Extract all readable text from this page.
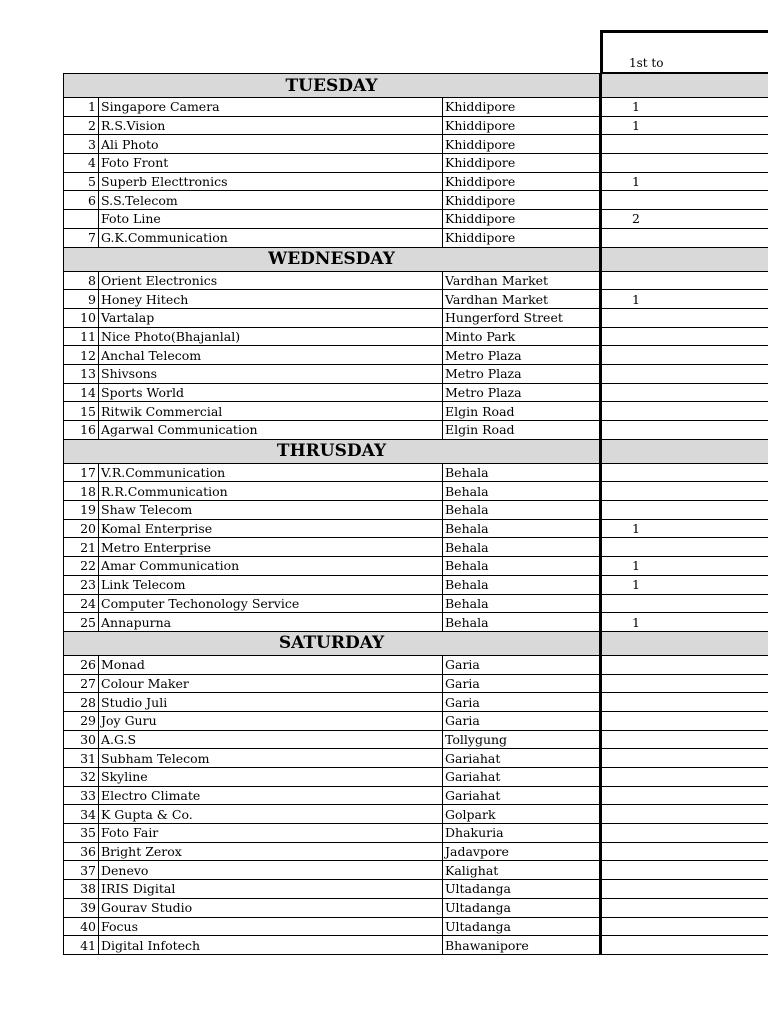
1st to
TUESDAY			
1	Singapore Camera	Khiddipore	1
2	R.S.Vision	Khiddipore	1
3	Ali Photo	Khiddipore	
4	Foto Front	Khiddipore	
5	Superb Electtronics	Khiddipore	1
6	S.S.Telecom	Khiddipore	
	Foto Line	Khiddipore	2
7	G.K.Communication	Khiddipore	
WEDNESDAY			
8	Orient Electronics	Vardhan Market	
9	Honey Hitech	Vardhan Market	1
10	Vartalap	Hungerford Street	
11	Nice Photo(Bhajanlal)	Minto Park	
12	Anchal Telecom	Metro Plaza	
13	Shivsons	Metro Plaza	
14	Sports World	Metro Plaza	
15	Ritwik Commercial	Elgin Road	
16	Agarwal Communication	Elgin Road	
THRUSDAY			
17	V.R.Communication	Behala	
18	R.R.Communication	Behala	
19	Shaw Telecom	Behala	
20	Komal Enterprise	Behala	1
21	Metro Enterprise	Behala	
22	Amar Communication	Behala	1
23	Link Telecom	Behala	1
24	Computer Techonology Service	Behala	
25	Annapurna	Behala	1
SATURDAY			
26	Monad	Garia	
27	Colour Maker	Garia	
28	Studio Juli	Garia	
29	Joy Guru	Garia	
30	A.G.S	Tollygung	
31	Subham Telecom	Gariahat	
32	Skyline	Gariahat	
33	Electro Climate	Gariahat	
34	K Gupta & Co.	Golpark	
35	Foto Fair	Dhakuria	
36	Bright Zerox	Jadavpore	
37	Denevo	Kalighat	
38	IRIS Digital	Ultadanga	
39	Gourav Studio	Ultadanga	
40	Focus	Ultadanga	
41	Digital Infotech	Bhawanipore	
